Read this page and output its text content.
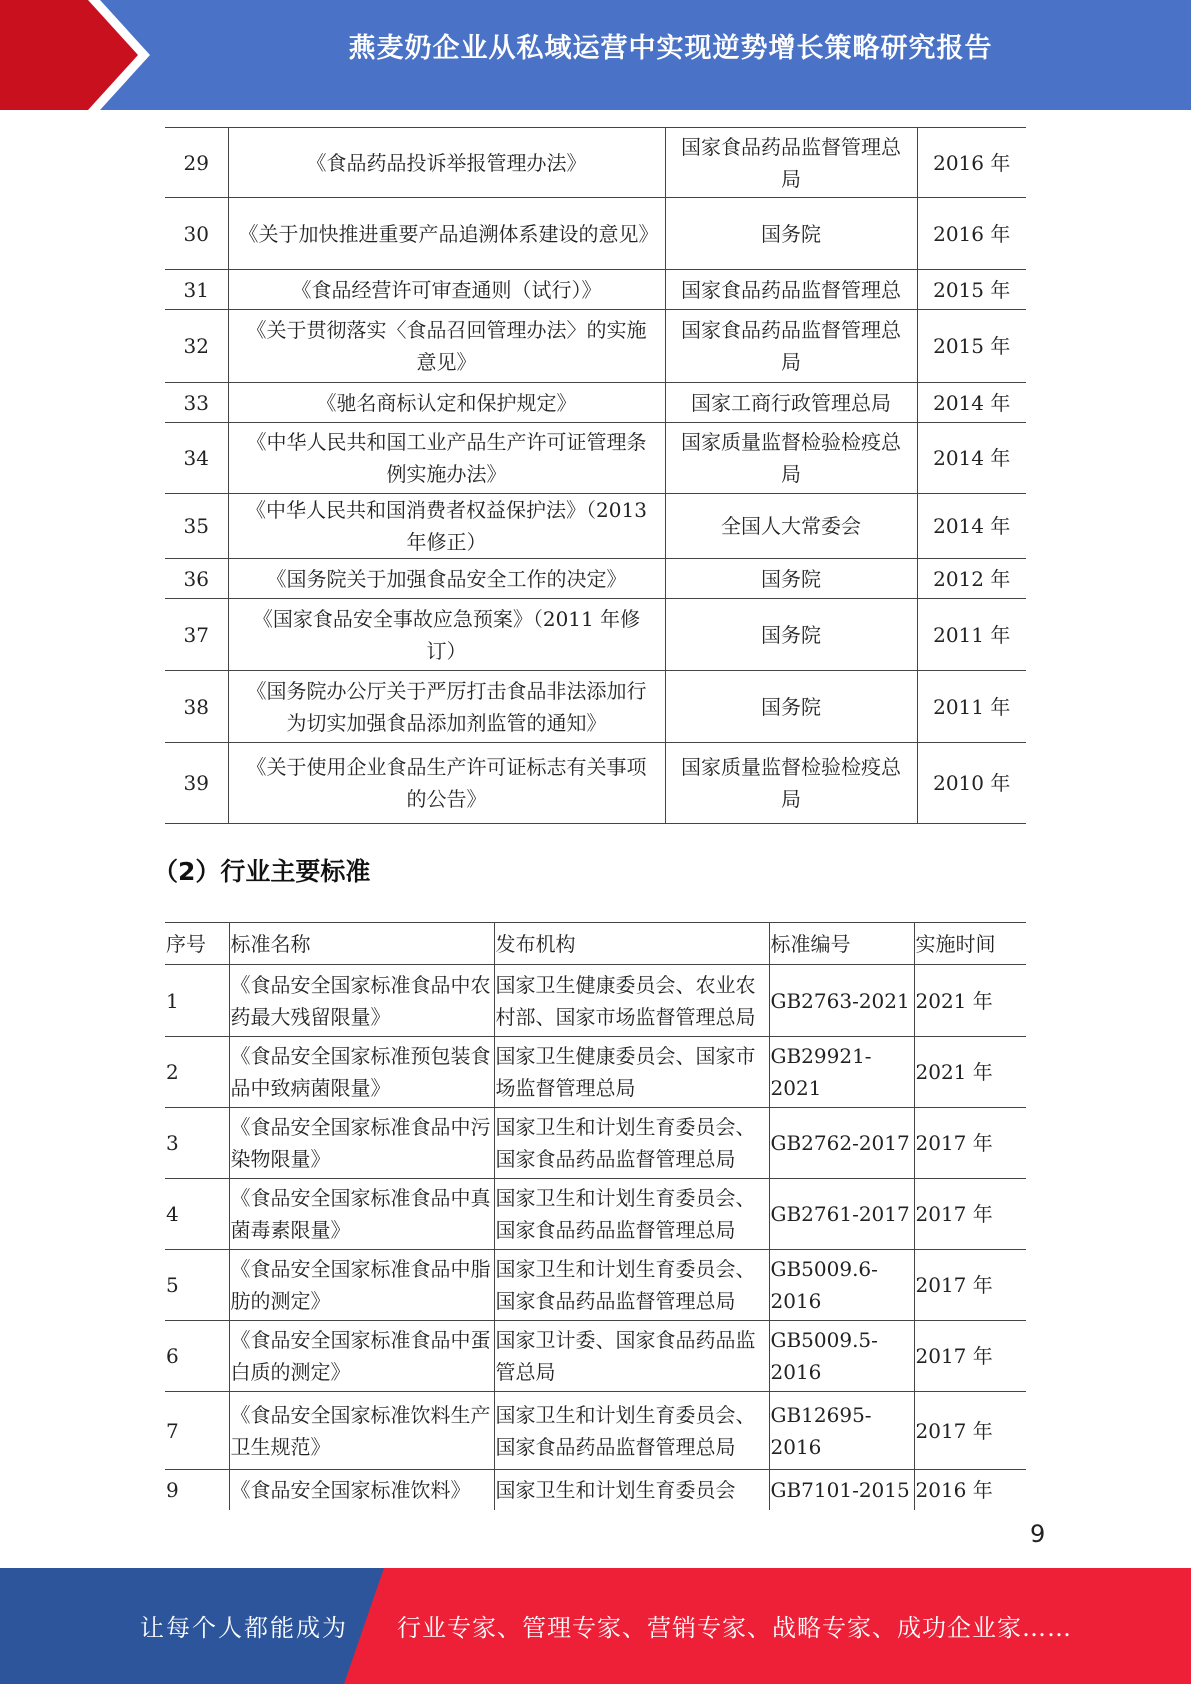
燕麦奶企业从私域运营中实现逆势增长策略研究报告
29	《食品药品投诉举报管理办法》	国家食品药品监督管理总局	2016 年
30	《关于加快推进重要产品追溯体系建设的意见》	国务院	2016 年
31	《食品经营许可审查通则（试行）》	国家食品药品监督管理总	2015 年
32	《关于贯彻落实〈食品召回管理办法〉的实施意见》	国家食品药品监督管理总局	2015 年
33	《驰名商标认定和保护规定》	国家工商行政管理总局	2014 年
34	《中华人民共和国工业产品生产许可证管理条例实施办法》	国家质量监督检验检疫总局	2014 年
35	《中华人民共和国消费者权益保护法》（2013 年修正）	全国人大常委会	2014 年
36	《国务院关于加强食品安全工作的决定》	国务院	2012 年
37	《国家食品安全事故应急预案》（2011 年修订）	国务院	2011 年
38	《国务院办公厅关于严厉打击食品非法添加行为切实加强食品添加剂监管的通知》	国务院	2011 年
39	《关于使用企业食品生产许可证标志有关事项的公告》	国家质量监督检验检疫总局	2010 年
（2）行业主要标准
序号	标准名称	发布机构	标准编号	实施时间
1	《食品安全国家标准食品中农药最大残留限量》	国家卫生健康委员会、农业农村部、国家市场监督管理总局	GB2763-2021	2021 年
2	《食品安全国家标准预包装食品中致病菌限量》	国家卫生健康委员会、国家市场监督管理总局	GB29921-2021	2021 年
3	《食品安全国家标准食品中污染物限量》	国家卫生和计划生育委员会、国家食品药品监督管理总局	GB2762-2017	2017 年
4	《食品安全国家标准食品中真菌毒素限量》	国家卫生和计划生育委员会、国家食品药品监督管理总局	GB2761-2017	2017 年
5	《食品安全国家标准食品中脂肪的测定》	国家卫生和计划生育委员会、国家食品药品监督管理总局	GB5009.6-2016	2017 年
6	《食品安全国家标准食品中蛋白质的测定》	国家卫计委、国家食品药品监管总局	GB5009.5-2016	2017 年
7	《食品安全国家标准饮料生产卫生规范》	国家卫生和计划生育委员会、国家食品药品监督管理总局	GB12695-2016	2017 年
9	《食品安全国家标准饮料》	国家卫生和计划生育委员会	GB7101-2015	2016 年
9
让每个人都能成为 行业专家、管理专家、营销专家、战略专家、成功企业家……
